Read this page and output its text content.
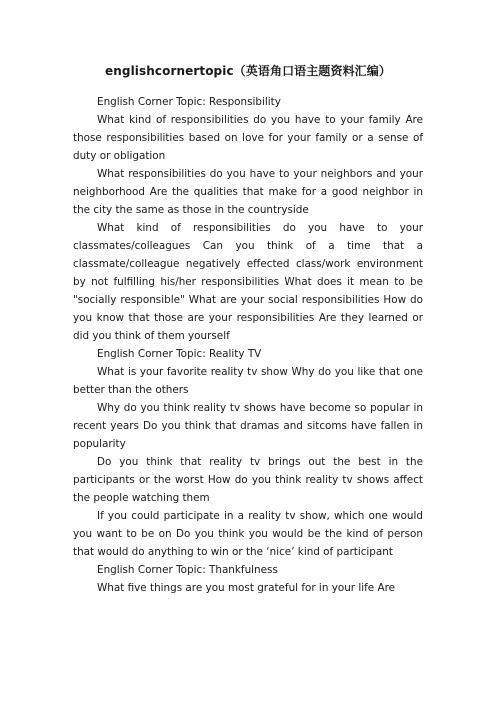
englishcornertopic（英语角口语主题资料汇编）

English Corner Topic: Responsibility

What kind of responsibilities do you have to your family Are those responsibilities based on love for your family or a sense of duty or obligation

What responsibilities do you have to your neighbors and your neighborhood Are the qualities that make for a good neighbor in the city the same as those in the countryside

What kind of responsibilities do you have to your classmates/colleagues Can you think of a time that a classmate/colleague negatively effected class/work environment by not fulfilling his/her responsibilities What does it mean to be "socially responsible" What are your social responsibilities How do you know that those are your responsibilities Are they learned or did you think of them yourself

English Corner Topic: Reality TV

What is your favorite reality tv show Why do you like that one better than the others

Why do you think reality tv shows have become so popular in recent years Do you think that dramas and sitcoms have fallen in popularity

Do you think that reality tv brings out the best in the participants or the worst How do you think reality tv shows affect the people watching them

If you could participate in a reality tv show, which one would you want to be on Do you think you would be the kind of person that would do anything to win or the ‘nice’ kind of participant

English Corner Topic: Thankfulness

What five things are you most grateful for in your life Are
